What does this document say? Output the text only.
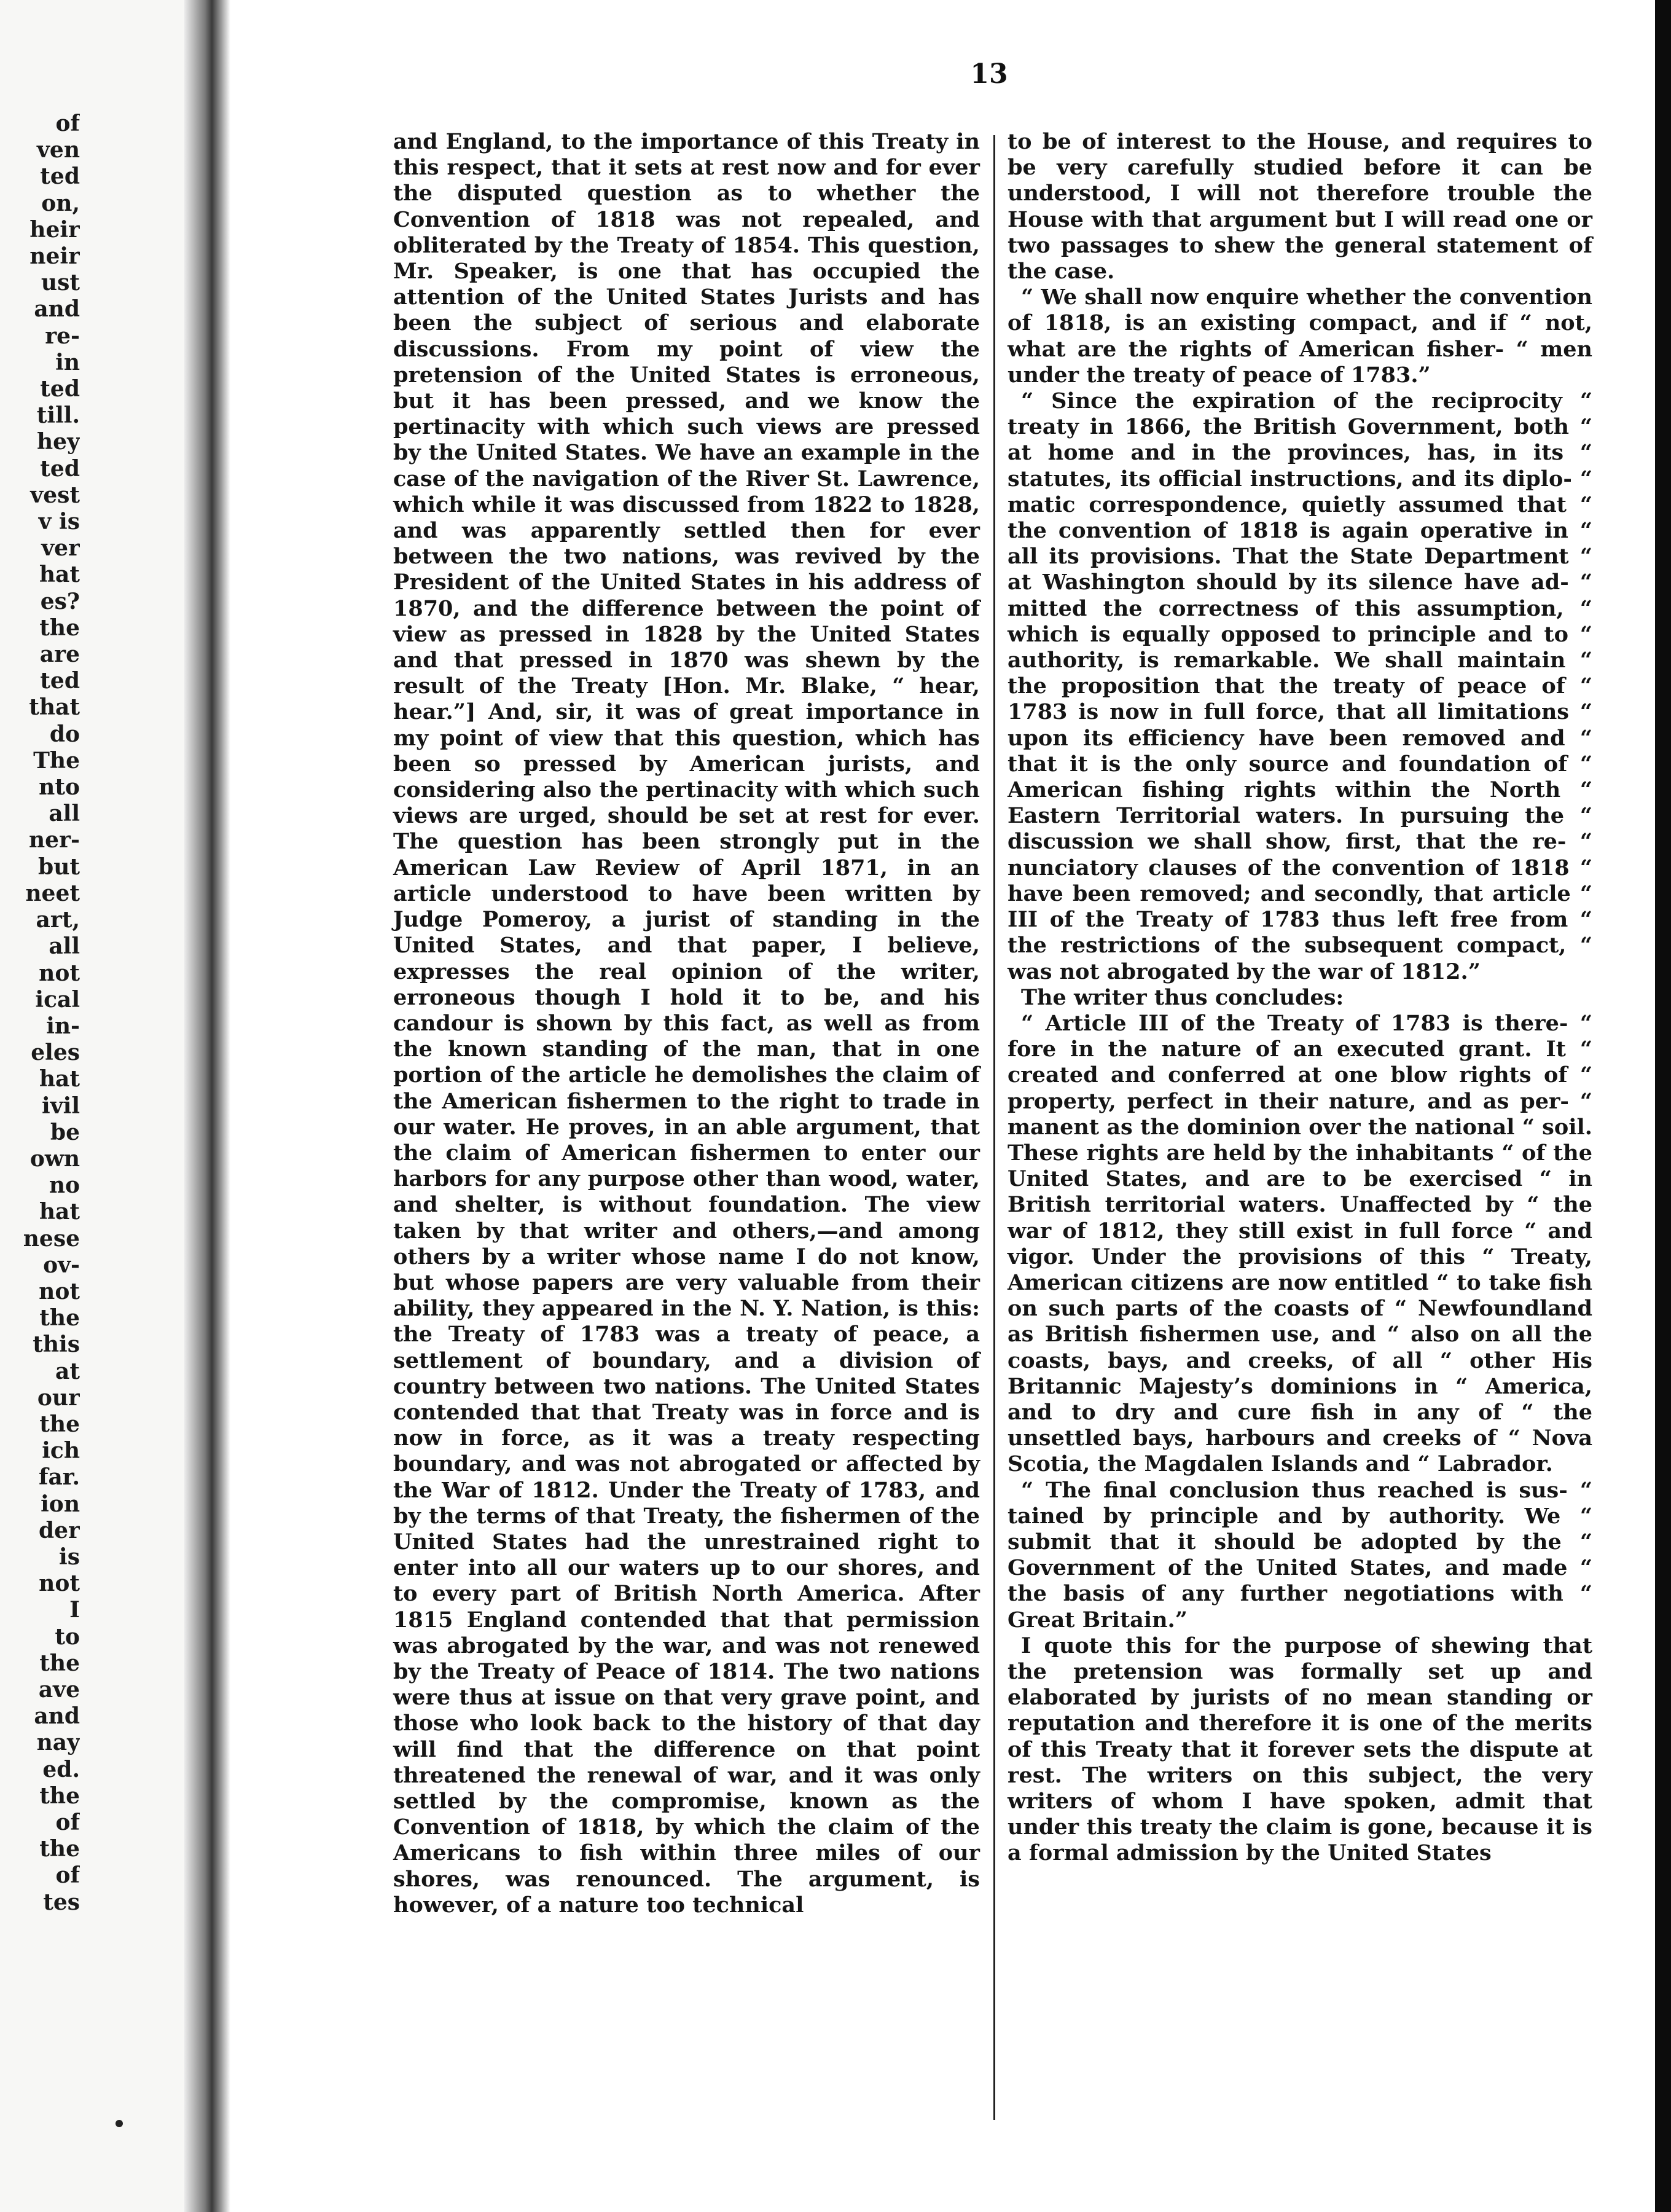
of
ven
ted
on,
heir
neir
ust
and
re-
in
ted
till.
hey
ted
vest
v is
ver
hat
es?
the
are
ted
that
do
The
nto
all
ner-
but
neet
art,
all
not
ical
in-
eles
hat
ivil
be
own
no
hat
nese
ov-
not
the
this
at
our
the
ich
far.
ion
der
is
not
I
to
the
ave
and
nay
ed.
the
of
the
of
tes
13

and England, to the importance of this Treaty in this respect, that it sets at rest now and for ever the disputed question as to whether the Convention of 1818 was not repealed, and obliterated by the Treaty of 1854. This question, Mr. Speaker, is one that has occupied the attention of the United States Jurists and has been the subject of serious and elaborate discussions. From my point of view the pretension of the United States is erroneous, but it has been pressed, and we know the pertinacity with which such views are pressed by the United States. We have an example in the case of the navigation of the River St. Lawrence, which while it was discussed from 1822 to 1828, and was apparently settled then for ever between the two nations, was revived by the President of the United States in his address of 1870, and the difference between the point of view as pressed in 1828 by the United States and that pressed in 1870 was shewn by the result of the Treaty [Hon. Mr. Blake, “ hear, hear.”] And, sir, it was of great importance in my point of view that this question, which has been so pressed by American jurists, and considering also the pertinacity with which such views are urged, should be set at rest for ever. The question has been strongly put in the American Law Review of April 1871, in an article understood to have been written by Judge Pomeroy, a jurist of standing in the United States, and that paper, I believe, expresses the real opinion of the writer, erroneous though I hold it to be, and his candour is shown by this fact, as well as from the known standing of the man, that in one portion of the article he demolishes the claim of the American fishermen to the right to trade in our water. He proves, in an able argument, that the claim of American fishermen to enter our harbors for any purpose other than wood, water, and shelter, is without foundation. The view taken by that writer and others,—and among others by a writer whose name I do not know, but whose papers are very valuable from their ability, they appeared in the N. Y. Nation, is this: the Treaty of 1783 was a treaty of peace, a settlement of boundary, and a division of country between two nations. The United States contended that that Treaty was in force and is now in force, as it was a treaty respecting boundary, and was not abrogated or affected by the War of 1812. Under the Treaty of 1783, and by the terms of that Treaty, the fishermen of the United States had the unrestrained right to enter into all our waters up to our shores, and to every part of British North America. After 1815 England contended that that permission was abrogated by the war, and was not renewed by the Treaty of Peace of 1814. The two nations were thus at issue on that very grave point, and those who look back to the history of that day will find that the difference on that point threatened the renewal of war, and it was only settled by the compromise, known as the Convention of 1818, by which the claim of the Americans to fish within three miles of our shores, was renounced. The argument, is however, of a nature too technical

to be of interest to the House, and requires to be very carefully studied before it can be understood, I will not therefore trouble the House with that argument but I will read one or two passages to shew the general statement of the case.

“ We shall now enquire whether the convention of 1818, is an existing compact, and if “ not, what are the rights of American fisher- “ men under the treaty of peace of 1783.”

“ Since the expiration of the reciprocity “ treaty in 1866, the British Government, both “ at home and in the provinces, has, in its “ statutes, its official instructions, and its diplo- “ matic correspondence, quietly assumed that “ the convention of 1818 is again operative in “ all its provisions. That the State Department “ at Washington should by its silence have ad- “ mitted the correctness of this assumption, “ which is equally opposed to principle and to “ authority, is remarkable. We shall maintain “ the proposition that the treaty of peace of “ 1783 is now in full force, that all limitations “ upon its efficiency have been removed and “ that it is the only source and foundation of “ American fishing rights within the North “ Eastern Territorial waters. In pursuing the “ discussion we shall show, first, that the re- “ nunciatory clauses of the convention of 1818 “ have been removed; and secondly, that article “ III of the Treaty of 1783 thus left free from “ the restrictions of the subsequent compact, “ was not abrogated by the war of 1812.”

The writer thus concludes:

“ Article III of the Treaty of 1783 is there- “ fore in the nature of an executed grant. It “ created and conferred at one blow rights of “ property, perfect in their nature, and as per- “ manent as the dominion over the national “ soil. These rights are held by the inhabitants “ of the United States, and are to be exercised “ in British territorial waters. Unaffected by “ the war of 1812, they still exist in full force “ and vigor. Under the provisions of this “ Treaty, American citizens are now entitled “ to take fish on such parts of the coasts of “ Newfoundland as British fishermen use, and “ also on all the coasts, bays, and creeks, of all “ other His Britannic Majesty’s dominions in “ America, and to dry and cure fish in any of “ the unsettled bays, harbours and creeks of “ Nova Scotia, the Magdalen Islands and “ Labrador.

“ The final conclusion thus reached is sus- “ tained by principle and by authority. We “ submit that it should be adopted by the “ Government of the United States, and made “ the basis of any further negotiations with “ Great Britain.”

I quote this for the purpose of shewing that the pretension was formally set up and elaborated by jurists of no mean standing or reputation and therefore it is one of the merits of this Treaty that it forever sets the dispute at rest. The writers on this subject, the very writers of whom I have spoken, admit that under this treaty the claim is gone, because it is a formal admission by the United States
